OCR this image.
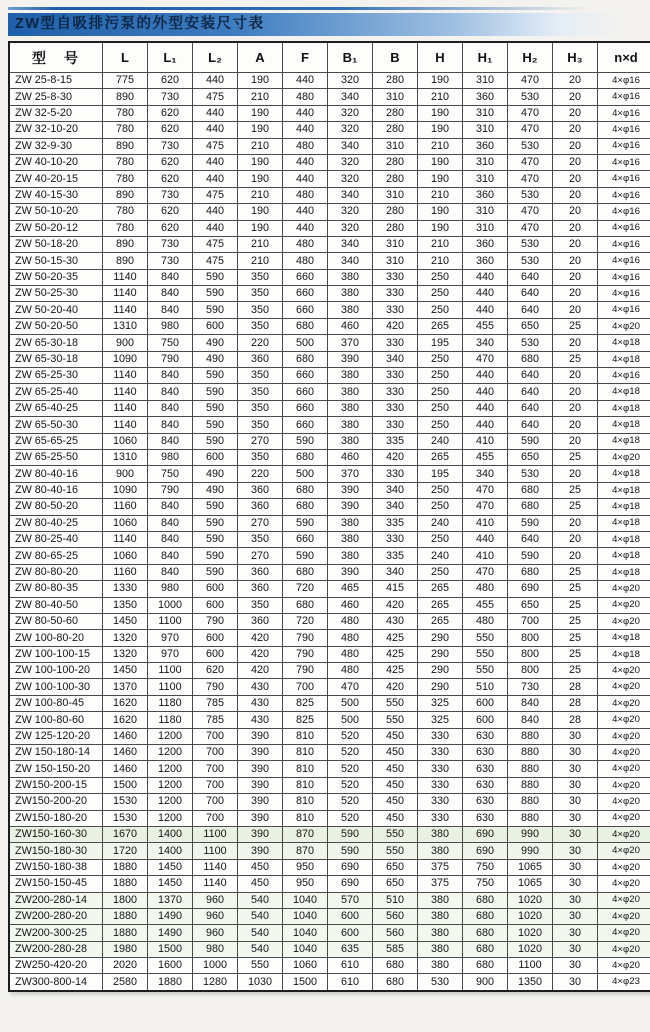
ZW型自吸排污泵的外型安装尺寸表
型　号	L	L₁	L₂	A	F	B₁	B	H	H₁	H₂	H₃	n×d
ZW 25-8-15	775	620	440	190	440	320	280	190	310	470	20	4×φ16
ZW 25-8-30	890	730	475	210	480	340	310	210	360	530	20	4×φ16
ZW 32-5-20	780	620	440	190	440	320	280	190	310	470	20	4×φ16
ZW 32-10-20	780	620	440	190	440	320	280	190	310	470	20	4×φ16
ZW 32-9-30	890	730	475	210	480	340	310	210	360	530	20	4×φ16
ZW 40-10-20	780	620	440	190	440	320	280	190	310	470	20	4×φ16
ZW 40-20-15	780	620	440	190	440	320	280	190	310	470	20	4×φ16
ZW 40-15-30	890	730	475	210	480	340	310	210	360	530	20	4×φ16
ZW 50-10-20	780	620	440	190	440	320	280	190	310	470	20	4×φ16
ZW 50-20-12	780	620	440	190	440	320	280	190	310	470	20	4×φ16
ZW 50-18-20	890	730	475	210	480	340	310	210	360	530	20	4×φ16
ZW 50-15-30	890	730	475	210	480	340	310	210	360	530	20	4×φ16
ZW 50-20-35	1140	840	590	350	660	380	330	250	440	640	20	4×φ16
ZW 50-25-30	1140	840	590	350	660	380	330	250	440	640	20	4×φ16
ZW 50-20-40	1140	840	590	350	660	380	330	250	440	640	20	4×φ16
ZW 50-20-50	1310	980	600	350	680	460	420	265	455	650	25	4×φ20
ZW 65-30-18	900	750	490	220	500	370	330	195	340	530	20	4×φ18
ZW 65-30-18	1090	790	490	360	680	390	340	250	470	680	25	4×φ18
ZW 65-25-30	1140	840	590	350	660	380	330	250	440	640	20	4×φ16
ZW 65-25-40	1140	840	590	350	660	380	330	250	440	640	20	4×φ18
ZW 65-40-25	1140	840	590	350	660	380	330	250	440	640	20	4×φ18
ZW 65-50-30	1140	840	590	350	660	380	330	250	440	640	20	4×φ18
ZW 65-65-25	1060	840	590	270	590	380	335	240	410	590	20	4×φ18
ZW 65-25-50	1310	980	600	350	680	460	420	265	455	650	25	4×φ20
ZW 80-40-16	900	750	490	220	500	370	330	195	340	530	20	4×φ18
ZW 80-40-16	1090	790	490	360	680	390	340	250	470	680	25	4×φ18
ZW 80-50-20	1160	840	590	360	680	390	340	250	470	680	25	4×φ18
ZW 80-40-25	1060	840	590	270	590	380	335	240	410	590	20	4×φ18
ZW 80-25-40	1140	840	590	350	660	380	330	250	440	640	20	4×φ18
ZW 80-65-25	1060	840	590	270	590	380	335	240	410	590	20	4×φ18
ZW 80-80-20	1160	840	590	360	680	390	340	250	470	680	25	4×φ18
ZW 80-80-35	1330	980	600	360	720	465	415	265	480	690	25	4×φ20
ZW 80-40-50	1350	1000	600	350	680	460	420	265	455	650	25	4×φ20
ZW 80-50-60	1450	1100	790	360	720	480	430	265	480	700	25	4×φ20
ZW 100-80-20	1320	970	600	420	790	480	425	290	550	800	25	4×φ18
ZW 100-100-15	1320	970	600	420	790	480	425	290	550	800	25	4×φ18
ZW 100-100-20	1450	1100	620	420	790	480	425	290	550	800	25	4×φ20
ZW 100-100-30	1370	1100	790	430	700	470	420	290	510	730	28	4×φ20
ZW 100-80-45	1620	1180	785	430	825	500	550	325	600	840	28	4×φ20
ZW 100-80-60	1620	1180	785	430	825	500	550	325	600	840	28	4×φ20
ZW 125-120-20	1460	1200	700	390	810	520	450	330	630	880	30	4×φ20
ZW 150-180-14	1460	1200	700	390	810	520	450	330	630	880	30	4×φ20
ZW 150-150-20	1460	1200	700	390	810	520	450	330	630	880	30	4×φ20
ZW150-200-15	1500	1200	700	390	810	520	450	330	630	880	30	4×φ20
ZW150-200-20	1530	1200	700	390	810	520	450	330	630	880	30	4×φ20
ZW150-180-20	1530	1200	700	390	810	520	450	330	630	880	30	4×φ20
ZW150-160-30	1670	1400	1100	390	870	590	550	380	690	990	30	4×φ20
ZW150-180-30	1720	1400	1100	390	870	590	550	380	690	990	30	4×φ20
ZW150-180-38	1880	1450	1140	450	950	690	650	375	750	1065	30	4×φ20
ZW150-150-45	1880	1450	1140	450	950	690	650	375	750	1065	30	4×φ20
ZW200-280-14	1800	1370	960	540	1040	570	510	380	680	1020	30	4×φ20
ZW200-280-20	1880	1490	960	540	1040	600	560	380	680	1020	30	4×φ20
ZW200-300-25	1880	1490	960	540	1040	600	560	380	680	1020	30	4×φ20
ZW200-280-28	1980	1500	980	540	1040	635	585	380	680	1020	30	4×φ20
ZW250-420-20	2020	1600	1000	550	1060	610	680	380	680	1100	30	4×φ20
ZW300-800-14	2580	1880	1280	1030	1500	610	680	530	900	1350	30	4×φ23
